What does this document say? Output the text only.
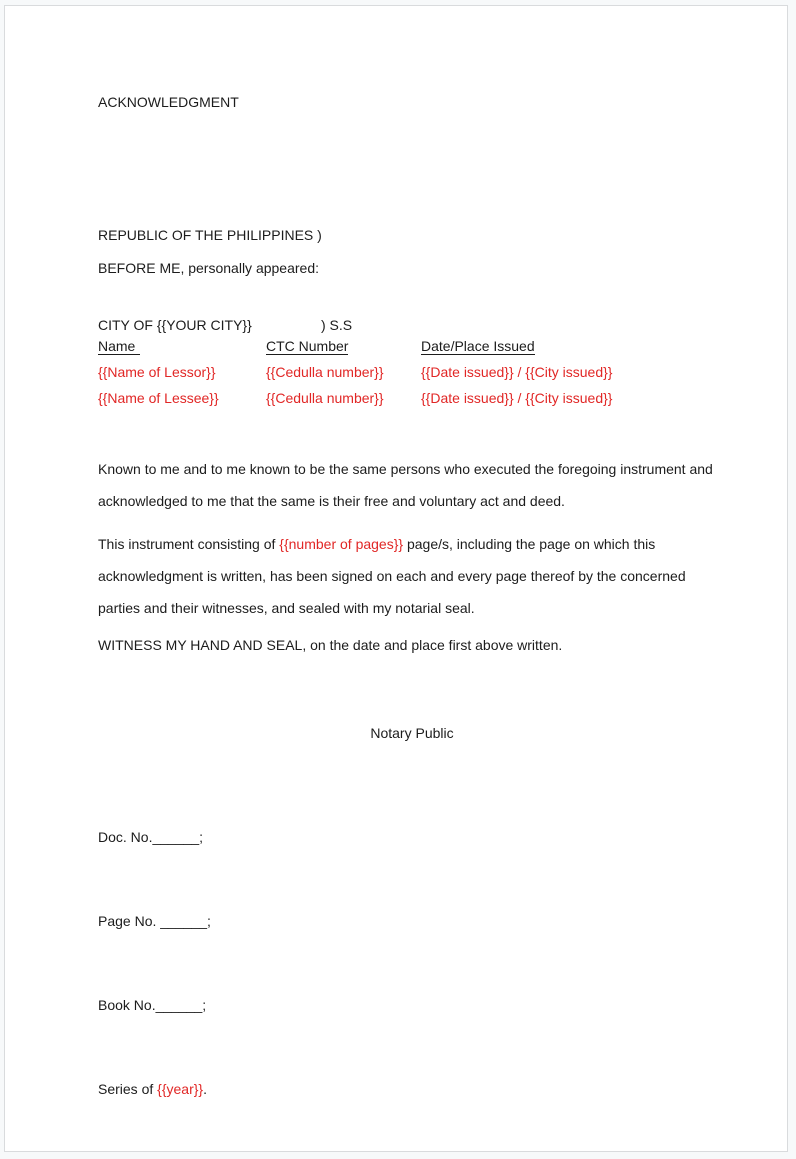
ACKNOWLEDGMENT

REPUBLIC OF THE PHILIPPINES )

CITY OF {{YOUR CITY}}	) S.S

BEFORE ME, personally appeared:
Name	CTC Number	Date/Place Issued
{{Name of Lessor}}	{{Cedulla number}}	{{Date issued}} / {{City issued}}
{{Name of Lessee}}	{{Cedulla number}}	{{Date issued}} / {{City issued}}

Known to me and to me known to be the same persons who executed the foregoing instrument and acknowledged to me that the same is their free and voluntary act and deed.

This instrument consisting of {{number of pages}} page/s, including the page on which this acknowledgment is written, has been signed on each and every page thereof by the concerned parties and their witnesses, and sealed with my notarial seal.

WITNESS MY HAND AND SEAL, on the date and place first above written.
Notary Public

Doc. No.______;

Page No. ______;

Book No.______;

Series of {{year}}.
